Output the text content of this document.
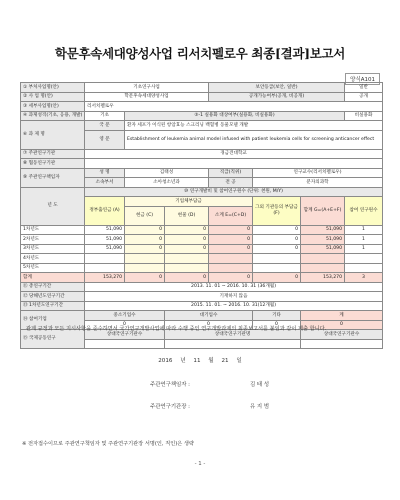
학문후속세대양성사업 리서치펠로우 최종[결과]보고서
양식A101
① 부처사업명(안)	기초연구사업			보안등급(보안, 일반)			일반
② 사 업 명(안)	학문후속세대양성사업			공개가능여부(공개, 비공개)			공개
③ 세부사업명(안)	리서치펠로우						
④ 과제성격(기초, 응용, 개발)	기초	⑤-1 실용화 대상여부(실용화, 비실용화)					비실용화
⑥ 과 제 명	국 문	환자 세포가 이식된 항암효능 스크리닝 백혈병 동물모델 개발					
	영 문	Establishment of leukemia animal model infused with patient leukemia cells for screening anticancer effect					
⑦ 주관연구기관	경금견대학교						
⑧ 협동연구기관							
⑨ 주관연구책임자	성 명	김태성		직급(직위)	연구교수(리서치펠로우)		
	소속부서	소아청소년과		전 공	분자의과학		
년 도	⑩ 연구개발비 및 참여연구원수 (단위: 천원, M/Y)						
	정부출연금 (A)	기업체부담금			그외 기관등의 부담금 (F)	합계 G=(A+E+F)	참여 연구원수
		현금 (C)	현물 (D)	소계 E=(C+D)			
1차년도	51,090	0	0	0	0	51,090	1
2차년도	51,090	0	0	0	0	51,090	1
3차년도	51,090	0	0	0	0	51,090	1
4차년도							
5차년도							
합계	153,270	0	0	0	0	153,270	3
⑪ 총연구기간	2013. 11. 01 ~ 2016. 10. 31 (36개월)						
⑫ 당해년도연구기간	기재하지 않음						
⑬ 1차년도연구기간	2015. 11. 01. ~ 2016. 10. 31(12개월)						
⑭ 참여기업	중소기업수		대기업수		기타	계	
	0		0		0	0	
⑮ 국제공동연구	상대국연구기관수		상대국연구기관명			상대국연구기관수	

관계 규정과 모든 지시사항을 준수하면서 국가연구개발사업에 따라 수행 중인 연구개발과제의 최종보고서를 붙임과 같이 제출 합니다.
2016 년 11 월 21 일
주관연구책임자 :	김 태 성
주관연구기관장 :	유 지 범
※ 전자접수이므로 주관연구책임자 및 주관연구기관장 서명(인, 직인)은 생략
- 1 -
